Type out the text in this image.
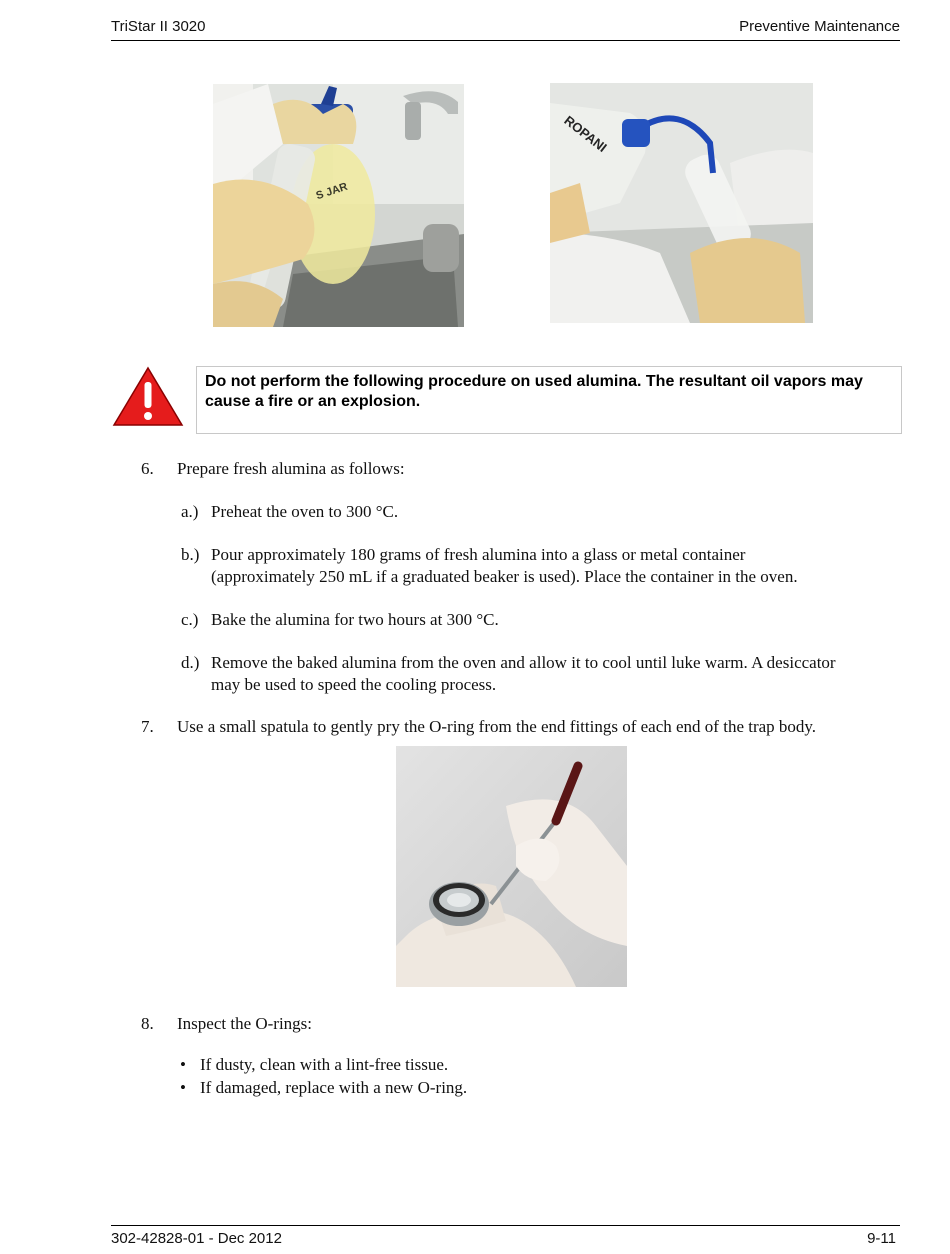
TriStar II 3020	Preventive Maintenance
S JAR
ROPANI
Do not perform the following procedure on used alumina. The resultant oil vapors may cause a fire or an explosion.
6. Prepare fresh alumina as follows:
a.) Preheat the oven to 300 °C.
b.) Pour approximately 180 grams of fresh alumina into a glass or metal container
(approximately 250 mL if a graduated beaker is used). Place the container in the oven.
c.) Bake the alumina for two hours at 300 °C.
d.) Remove the baked alumina from the oven and allow it to cool until luke warm. A desiccator
may be used to speed the cooling process.
7. Use a small spatula to gently pry the O-ring from the end fittings of each end of the trap body.
8. Inspect the O-rings:
• If dusty, clean with a lint-free tissue.
• If damaged, replace with a new O-ring.
302-42828-01 - Dec 2012	9-11
